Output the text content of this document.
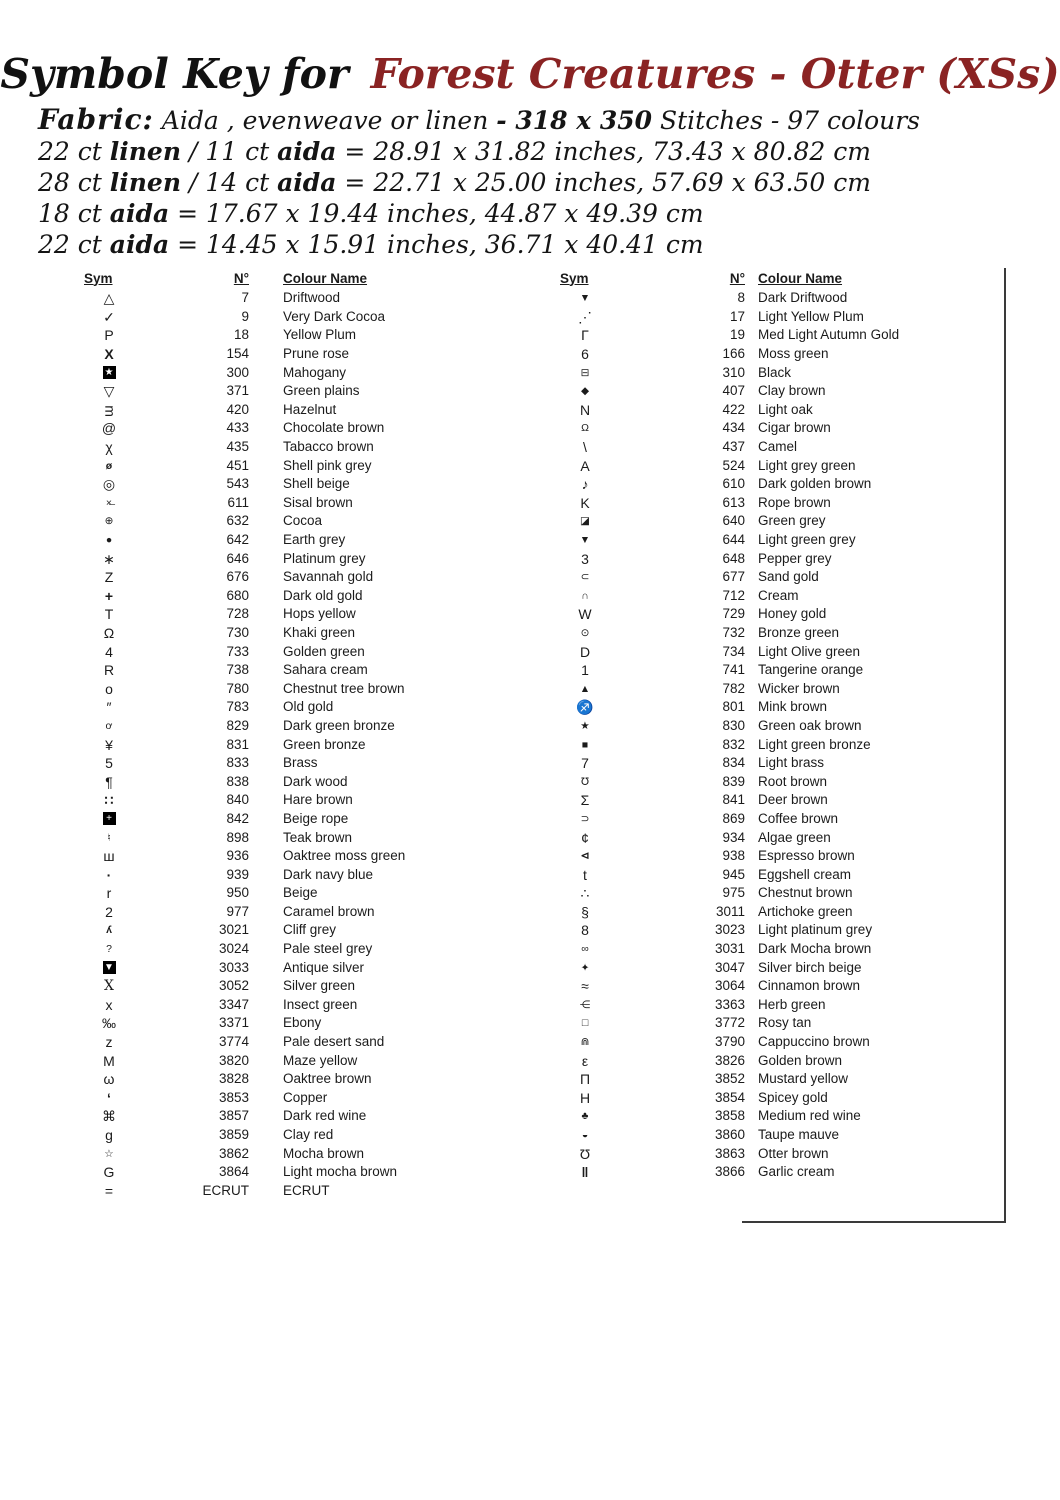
Symbol Key for Forest Creatures - Otter (XSs)
Fabric: Aida , evenweave or linen - 318 x 350 Stitches - 97 colours
22 ct linen / 11 ct aida = 28.91 x 31.82 inches, 73.43 x 80.82 cm
28 ct linen / 14 ct aida = 22.71 x 25.00 inches, 57.69 x 63.50 cm
18 ct aida = 17.67 x 19.44 inches, 44.87 x 49.39 cm
22 ct aida = 14.45 x 15.91 inches, 36.71 x 40.41 cm
Sym	N°	Colour Name
△	7	Driftwood
✓	9	Very Dark Cocoa
P	18	Yellow Plum
X	154	Prune rose
★	300	Mahogany
▽	371	Green plains
ᴟ	420	Hazelnut
@	433	Chocolate brown
χ	435	Tabacco brown
ø	451	Shell pink grey
◎	543	Shell beige
×̶	611	Sisal brown
⊕	632	Cocoa
●	642	Earth grey
∗	646	Platinum grey
Z	676	Savannah gold
+	680	Dark old gold
T	728	Hops yellow
Ω	730	Khaki green
4	733	Golden green
R	738	Sahara cream
o	780	Chestnut tree brown
″	783	Old gold
ơ	829	Dark green bronze
¥	831	Green bronze
5	833	Brass
¶	838	Dark wood
∷	840	Hare brown
+	842	Beige rope
♮	898	Teak brown
ш	936	Oaktree moss green
·	939	Dark navy blue
r	950	Beige
2	977	Caramel brown
ʎ	3021	Cliff grey
?	3024	Pale steel grey
▼	3033	Antique silver
X	3052	Silver green
x	3347	Insect green
‰	3371	Ebony
z	3774	Pale desert sand
M	3820	Maze yellow
ω	3828	Oaktree brown
ʻ	3853	Copper
⌘	3857	Dark red wine
g	3859	Clay red
☆	3862	Mocha brown
G	3864	Light mocha brown
=	ECRUT	ECRUT
Sym	N° Colour Name
▼	8 Dark Driftwood
⋰	17 Light Yellow Plum
Γ	19 Med Light Autumn Gold
6	166 Moss green
⊟	310 Black
◆	407 Clay brown
N	422 Light oak
Ω	434 Cigar brown
\	437 Camel
A	524 Light grey green
♪	610 Dark golden brown
K	613 Rope brown
◪	640 Green grey
▼	644 Light green grey
3	648 Pepper grey
⊂	677 Sand gold
∩	712 Cream
W	729 Honey gold
⊙	732 Bronze green
D	734 Light Olive green
1	741 Tangerine orange
▲	782 Wicker brown
♐	801 Mink brown
★	830 Green oak brown
■	832 Light green bronze
7	834 Light brass
℧	839 Root brown
Σ	841 Deer brown
⊃	869 Coffee brown
¢	934 Algae green
⊲	938 Espresso brown
t	945 Eggshell cream
∴	975 Chestnut brown
§	3011 Artichoke green
8	3023 Light platinum grey
∞	3031 Dark Mocha brown
✦	3047 Silver birch beige
≈	3064 Cinnamon brown
⋲	3363 Herb green
□	3772 Rosy tan
⋒	3790 Cappuccino brown
ε	3826 Golden brown
Π	3852 Mustard yellow
H	3854 Spicey gold
♣	3858 Medium red wine
◒	3860 Taupe mauve
Ʊ	3863 Otter brown
ǁ	3866 Garlic cream
